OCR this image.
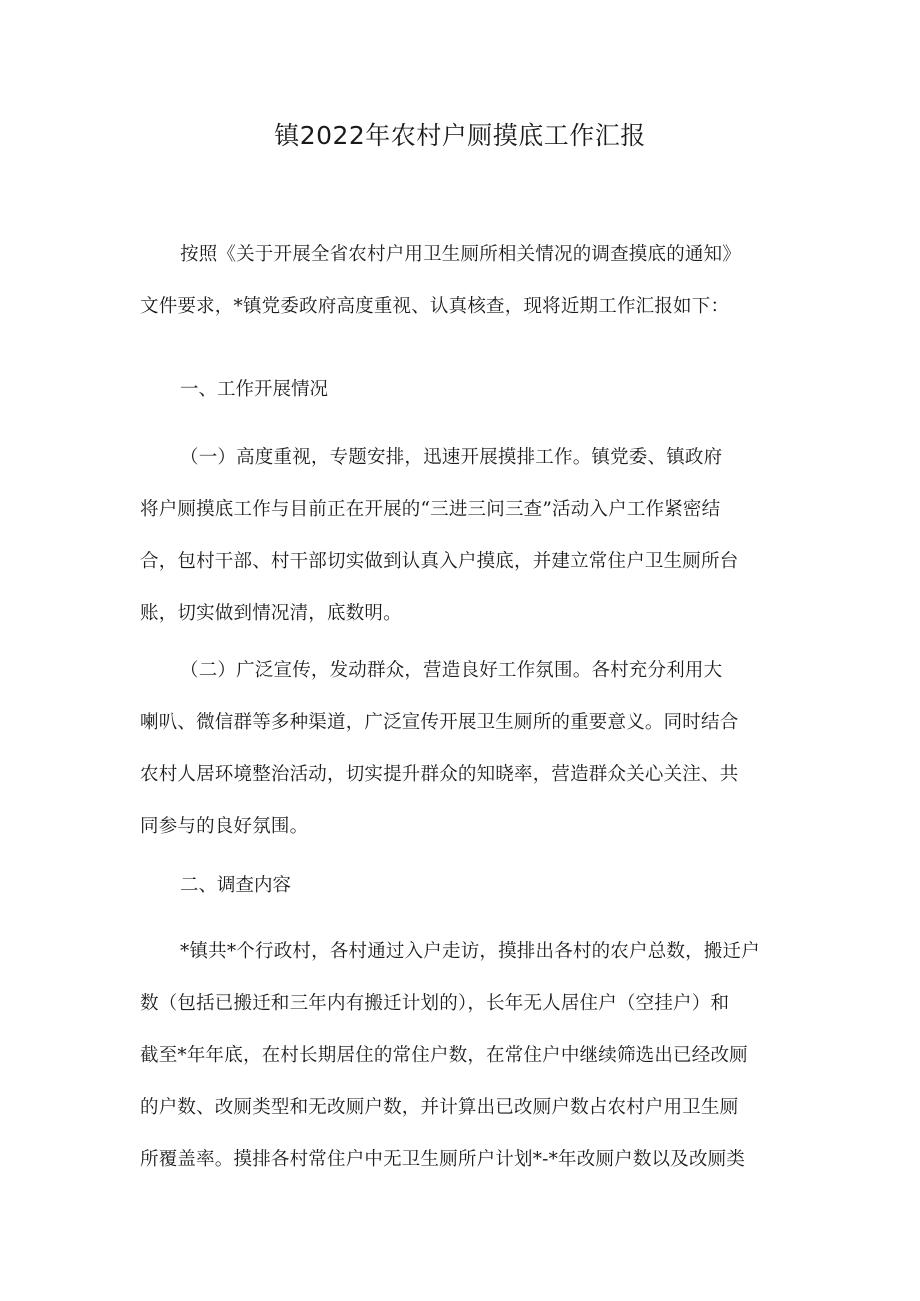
镇2022年农村户厕摸底工作汇报
按照《关于开展全省农村户用卫生厕所相关情况的调查摸底的通知》
文件要求，*镇党委政府高度重视、认真核查，现将近期工作汇报如下：
一、工作开展情况
（一）高度重视，专题安排，迅速开展摸排工作。镇党委、镇政府
将户厕摸底工作与目前正在开展的“三进三问三查”活动入户工作紧密结
合，包村干部、村干部切实做到认真入户摸底，并建立常住户卫生厕所台
账，切实做到情况清，底数明。
（二）广泛宣传，发动群众，营造良好工作氛围。各村充分利用大
喇叭、微信群等多种渠道，广泛宣传开展卫生厕所的重要意义。同时结合
农村人居环境整治活动，切实提升群众的知晓率，营造群众关心关注、共
同参与的良好氛围。
二、调查内容
*镇共*个行政村，各村通过入户走访，摸排出各村的农户总数，搬迁户
数（包括已搬迁和三年内有搬迁计划的），长年无人居住户（空挂户）和
截至*年年底，在村长期居住的常住户数，在常住户中继续筛选出已经改厕
的户数、改厕类型和无改厕户数，并计算出已改厕户数占农村户用卫生厕
所覆盖率。摸排各村常住户中无卫生厕所户计划*-*年改厕户数以及改厕类
